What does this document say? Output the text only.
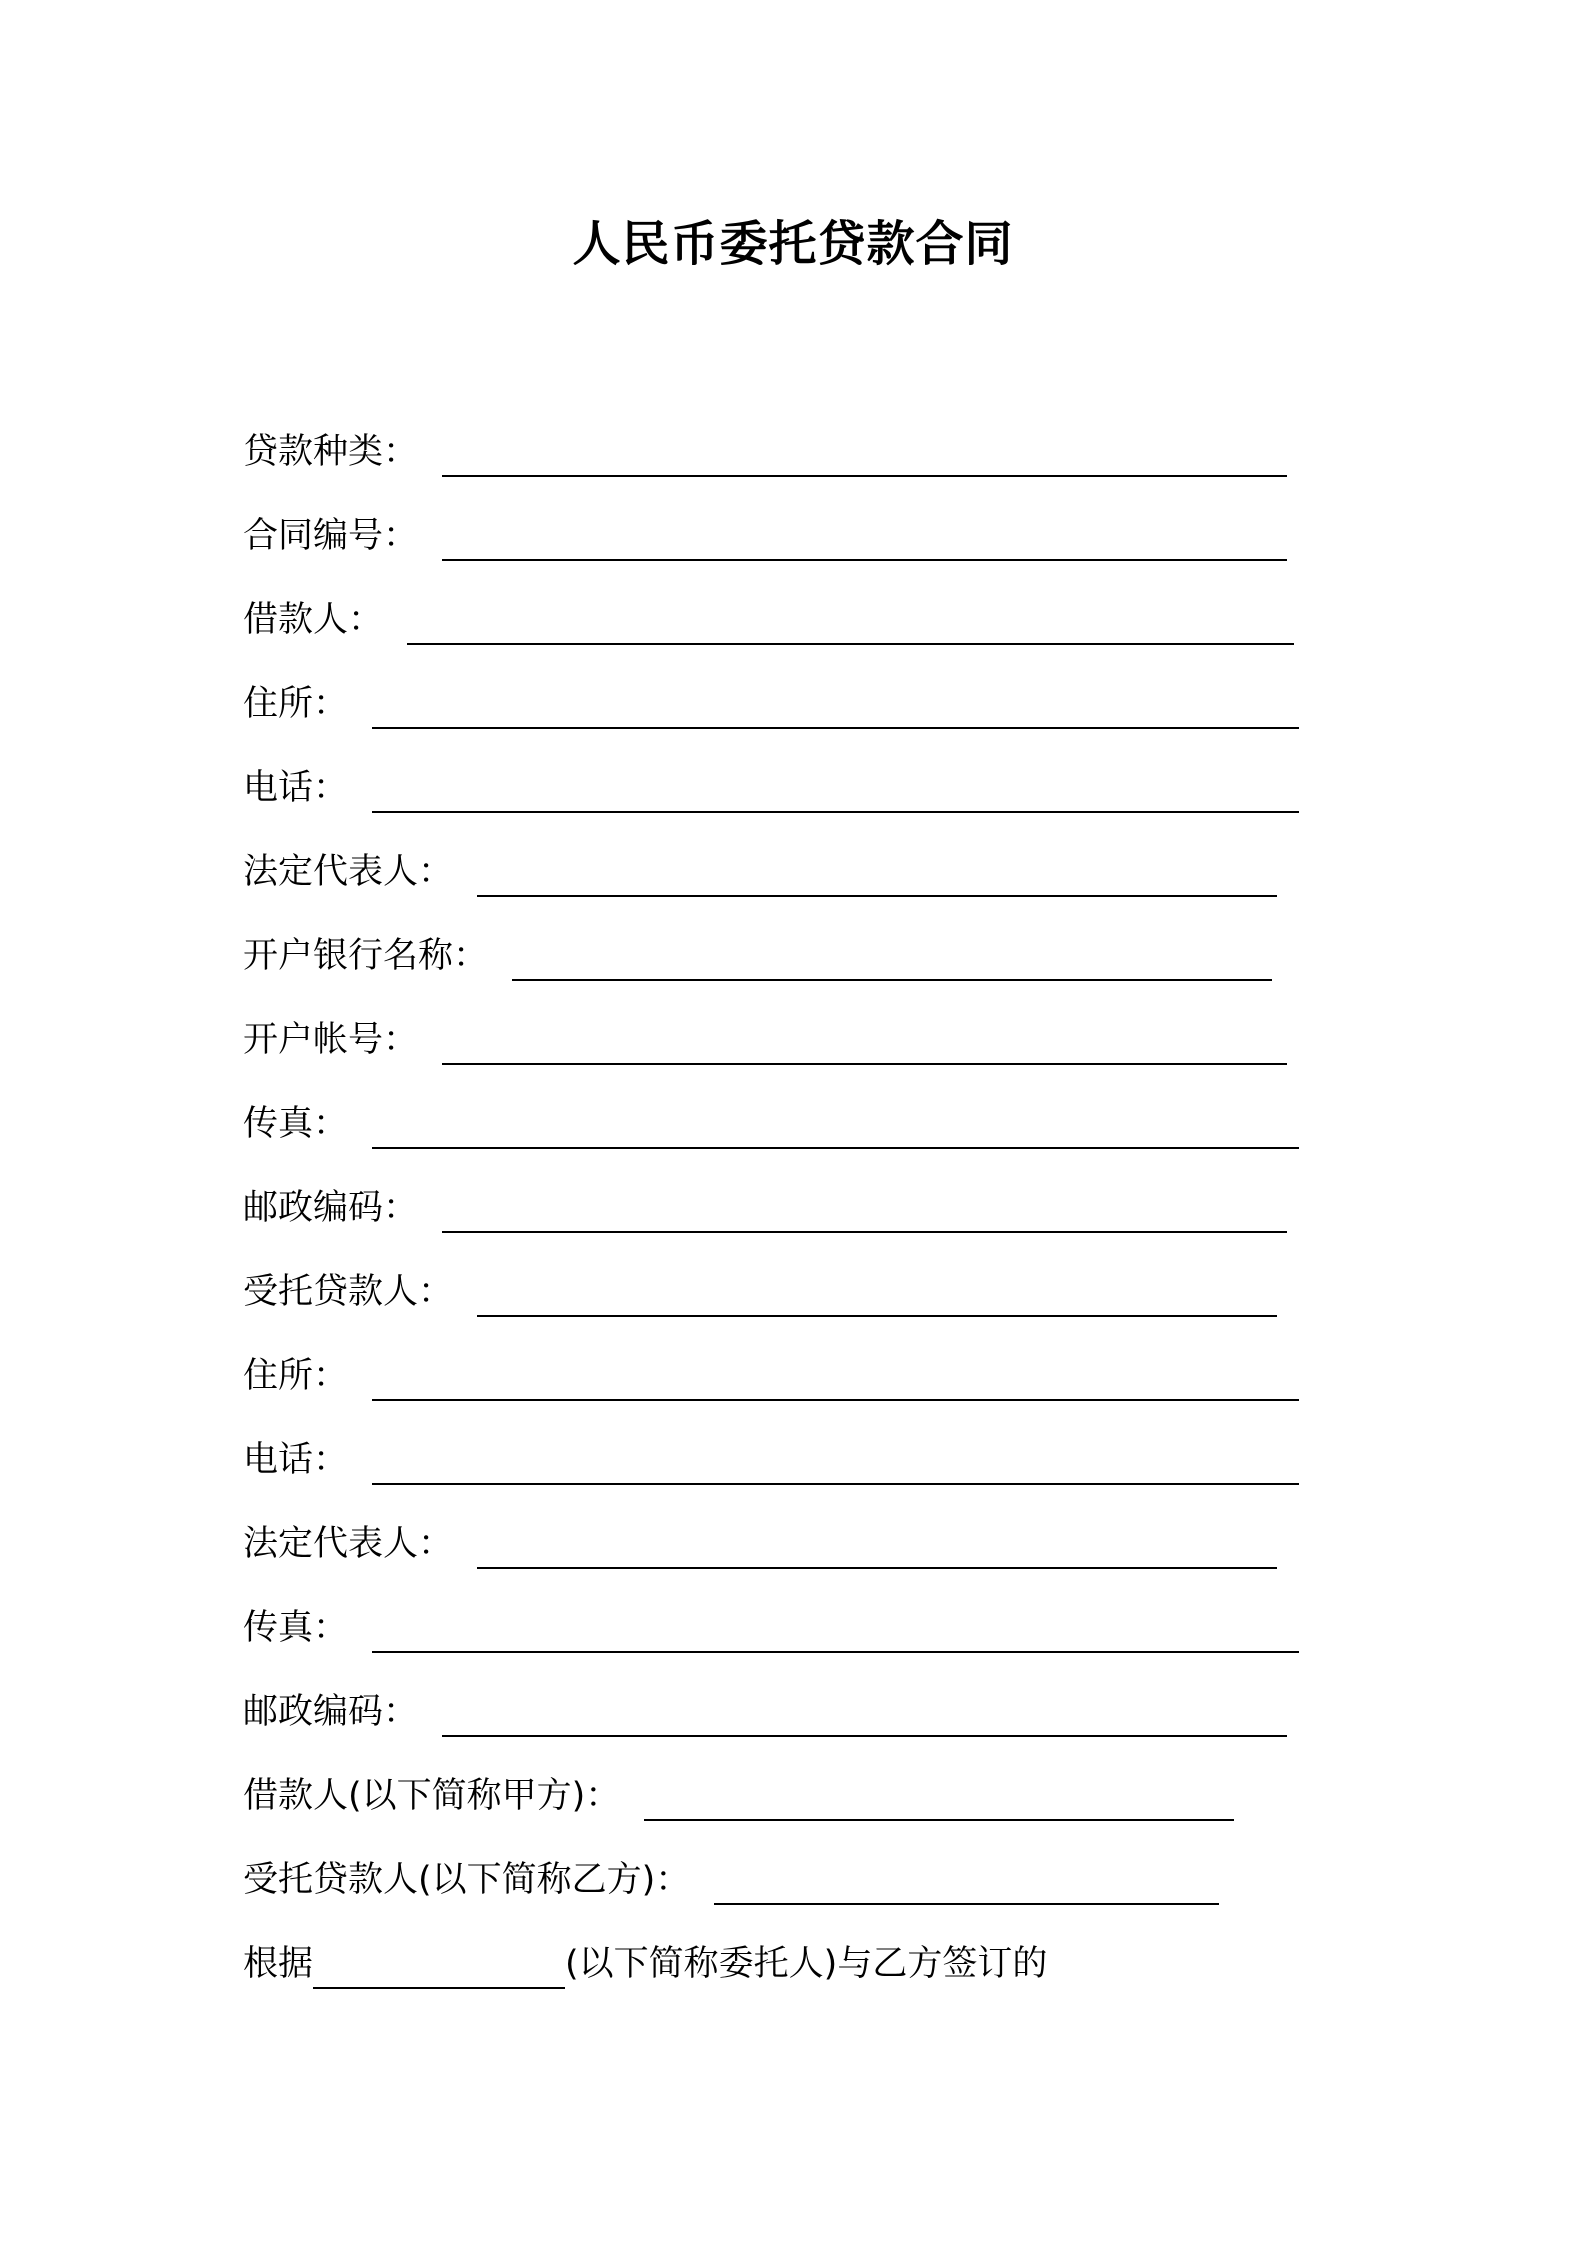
人民币委托贷款合同
贷款种类：
合同编号：
借款人：
住所：
电话：
法定代表人：
开户银行名称：
开户帐号：
传真：
邮政编码：
受托贷款人：
住所：
电话：
法定代表人：
传真：
邮政编码：
借款人(以下简称甲方)：
受托贷款人(以下简称乙方)：
根据	(以下简称委托人)与乙方签订的
